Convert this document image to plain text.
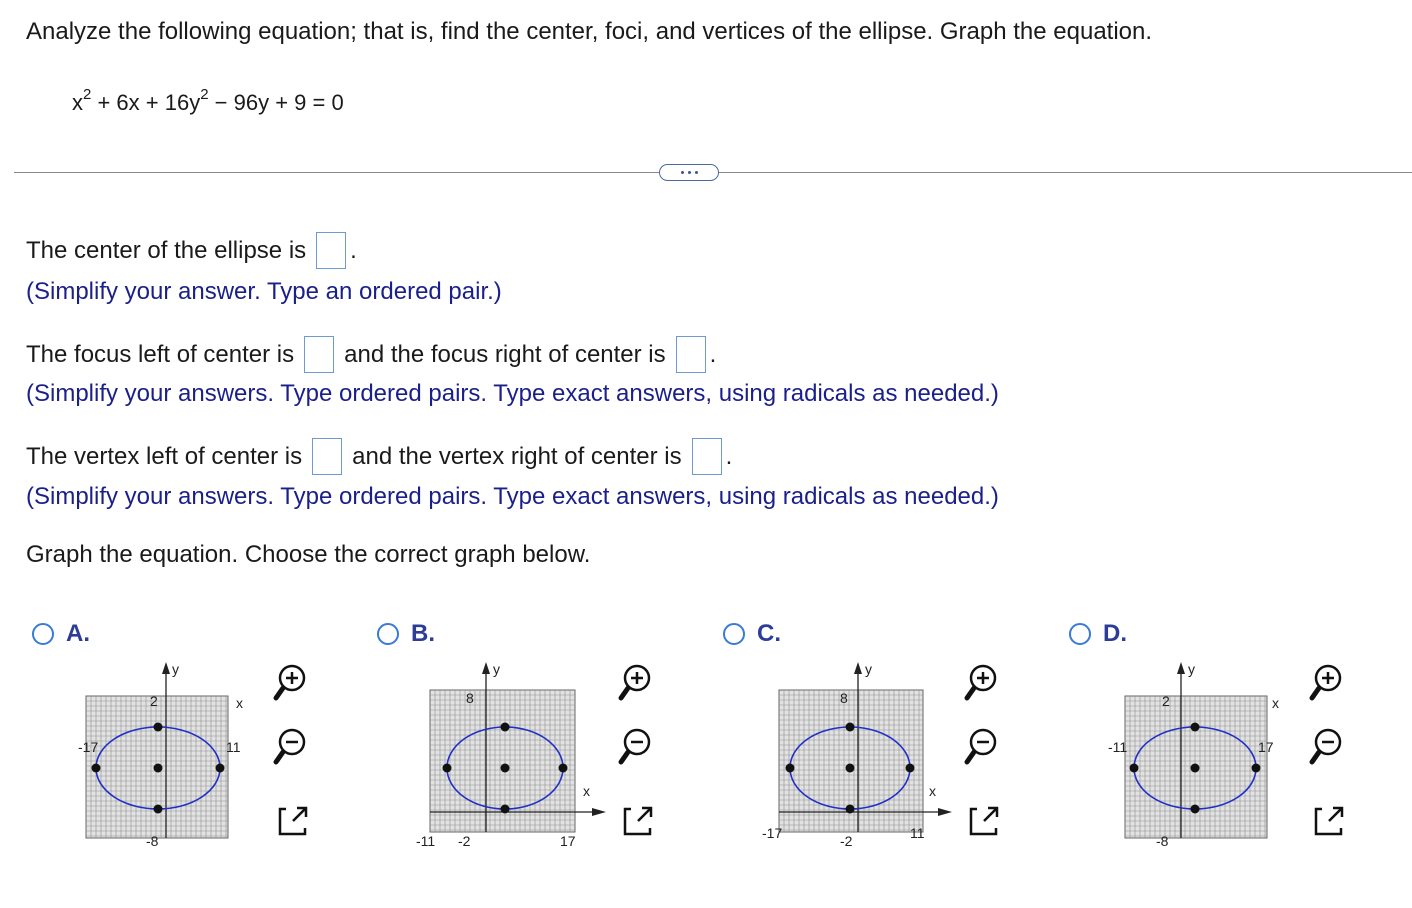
Analyze the following equation; that is, find the center, foci, and vertices of the ellipse. Graph the equation.
$x^2 + 6x + 16y^2 - 96y + 9 = 0$
The center of the ellipse is .
(Simplify your answer. Type an ordered pair.)
The focus left of center is and the focus right of center is .
(Simplify your answers. Type ordered pairs. Type exact answers, using radicals as needed.)
The vertex left of center is and the vertex right of center is .
(Simplify your answers. Type ordered pairs. Type exact answers, using radicals as needed.)
Graph the equation. Choose the correct graph below.
A.
y
x
2
-8
-17	11
B.
y
x
8
-2
-11	17
C.
y
x
8
-2
-17	11
D.
y
x
2
-8
-11	17
